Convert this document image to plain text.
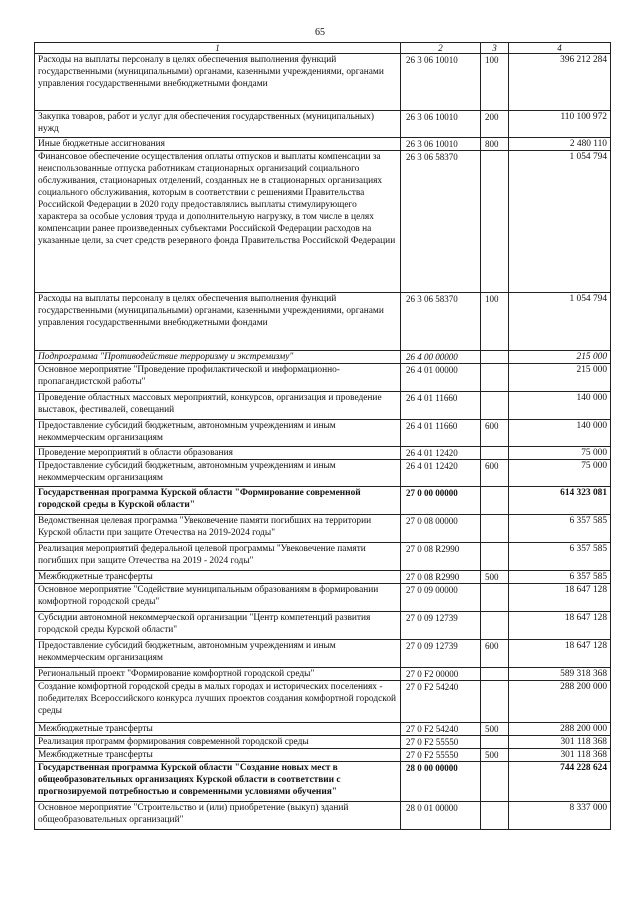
65
1	2	3	4
Расходы на выплаты персоналу в целях обеспечения выполнения функций государственными (муниципальными) органами, казенными учреждениями, органами управления государственными внебюджетными фондами	26 3 06 10010	100	396 212 284
Закупка товаров, работ и услуг для обеспечения государственных (муниципальных) нужд	26 3 06 10010	200	110 100 972
Иные бюджетные ассигнования	26 3 06 10010	800	2 480 110
Финансовое обеспечение осуществления оплаты отпусков и выплаты компенсации за неиспользованные отпуска работникам стационарных организаций социального обслуживания, стационарных отделений, созданных не в стационарных организациях социального обслуживания, которым в соответствии с решениями Правительства Российской Федерации в 2020 году предоставлялись выплаты стимулирующего характера за особые условия труда и дополнительную нагрузку, в том числе в целях компенсации ранее произведенных субъектами Российской Федерации расходов на указанные цели, за счет средств резервного фонда Правительства Российской Федерации	26 3 06 58370		1 054 794
Расходы на выплаты персоналу в целях обеспечения выполнения функций государственными (муниципальными) органами, казенными учреждениями, органами управления государственными внебюджетными фондами	26 3 06 58370	100	1 054 794
Подпрограмма "Противодействие терроризму и экстремизму"	26 4 00 00000		215 000
Основное мероприятие "Проведение профилактической и информационно-пропагандистской работы"	26 4 01 00000		215 000
Проведение областных массовых мероприятий, конкурсов, организация и проведение выставок, фестивалей, совещаний	26 4 01 11660		140 000
Предоставление субсидий бюджетным, автономным учреждениям и иным некоммерческим организациям	26 4 01 11660	600	140 000
Проведение мероприятий в области образования	26 4 01 12420		75 000
Предоставление субсидий бюджетным, автономным учреждениям и иным некоммерческим организациям	26 4 01 12420	600	75 000
Государственная программа Курской области "Формирование современной городской среды в Курской области"	27 0 00 00000		614 323 081
Ведомственная целевая программа "Увековечение памяти погибших на территории Курской области при защите Отечества на 2019-2024 годы"	27 0 08 00000		6 357 585
Реализация мероприятий федеральной целевой программы "Увековечение памяти погибших при защите Отечества на 2019 - 2024 годы"	27 0 08 R2990		6 357 585
Межбюджетные трансферты	27 0 08 R2990	500	6 357 585
Основное мероприятие "Содействие муниципальным образованиям в формировании комфортной городской среды"	27 0 09 00000		18 647 128
Субсидии автономной некоммерческой организации "Центр компетенций развития городской среды Курской области"	27 0 09 12739		18 647 128
Предоставление субсидий бюджетным, автономным учреждениям и иным некоммерческим организациям	27 0 09 12739	600	18 647 128
Региональный проект "Формирование комфортной городской среды"	27 0 F2 00000		589 318 368
Создание комфортной городской среды в малых городах и исторических поселениях - победителях Всероссийского конкурса лучших проектов создания комфортной городской среды	27 0 F2 54240		288 200 000
Межбюджетные трансферты	27 0 F2 54240	500	288 200 000
Реализация программ формирования современной городской среды	27 0 F2 55550		301 118 368
Межбюджетные трансферты	27 0 F2 55550	500	301 118 368
Государственная программа Курской области "Создание новых мест в общеобразовательных организациях Курской области в соответствии с прогнозируемой потребностью и современными условиями обучения"	28 0 00 00000		744 228 624
Основное мероприятие "Строительство и (или) приобретение (выкуп) зданий общеобразовательных организаций"	28 0 01 00000		8 337 000
